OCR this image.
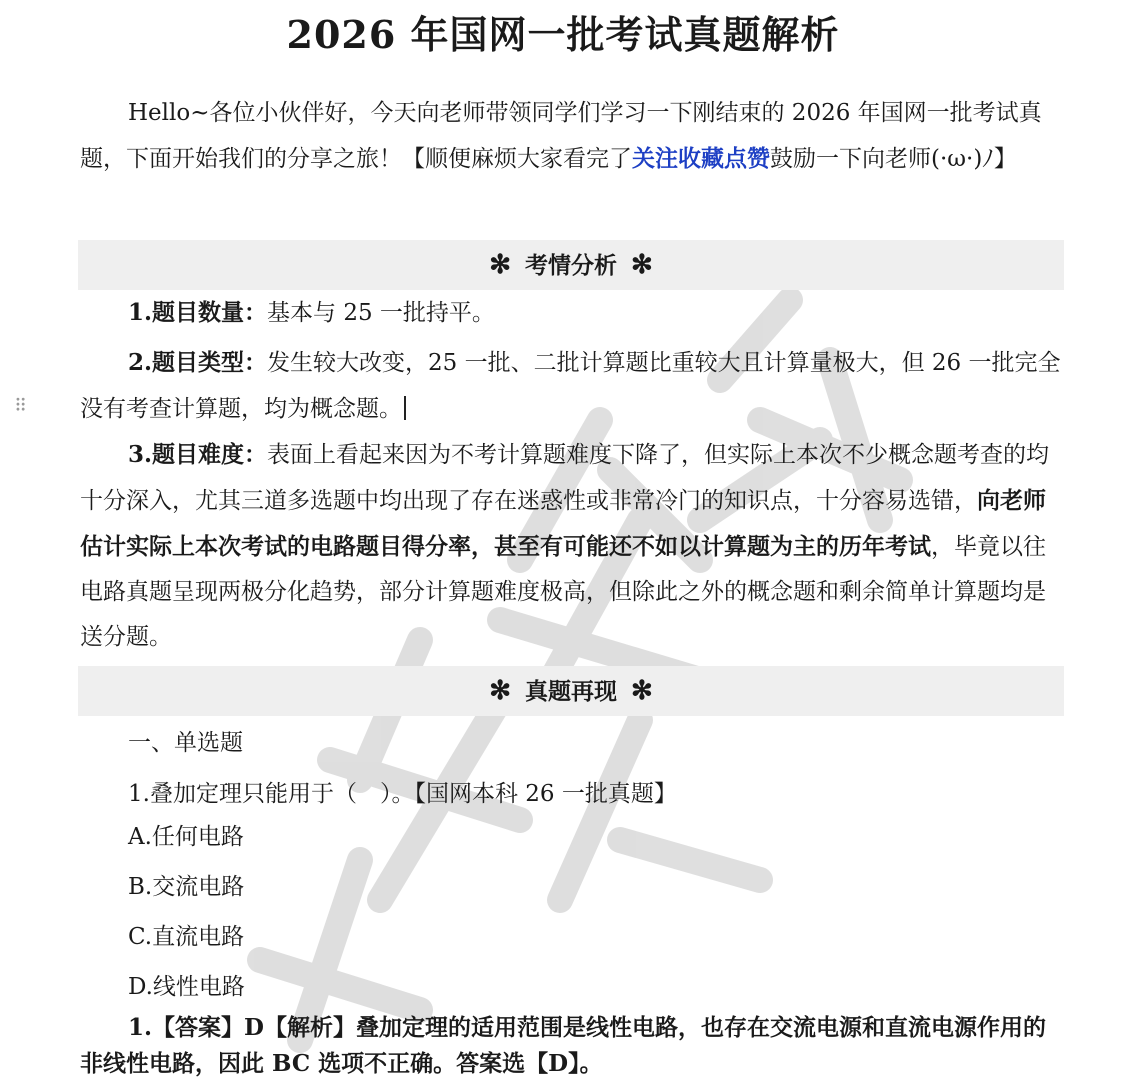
2026 年国网一批考试真题解析
Hello~各位小伙伴好，今天向老师带领同学们学习一下刚结束的 2026 年国网一批考试真题，下面开始我们的分享之旅！【顺便麻烦大家看完了关注收藏点赞鼓励一下向老师(·ω·)ﾉ】
✻ 考情分析 ✻
1.题目数量：基本与 25 一批持平。
2.题目类型：发生较大改变，25 一批、二批计算题比重较大且计算量极大，但 26 一批完全没有考查计算题，均为概念题。
⠿
3.题目难度：表面上看起来因为不考计算题难度下降了，但实际上本次不少概念题考查的均十分深入，尤其三道多选题中均出现了存在迷惑性或非常冷门的知识点，十分容易选错，向老师估计实际上本次考试的电路题目得分率，甚至有可能还不如以计算题为主的历年考试，毕竟以往电路真题呈现两极分化趋势，部分计算题难度极高，但除此之外的概念题和剩余简单计算题均是送分题。
✻ 真题再现 ✻
一、单选题
1.叠加定理只能用于（　）。【国网本科 26 一批真题】
A.任何电路
B.交流电路
C.直流电路
D.线性电路
1.【答案】D【解析】叠加定理的适用范围是线性电路，也存在交流电源和直流电源作用的非线性电路，因此 BC 选项不正确。答案选【D】。
